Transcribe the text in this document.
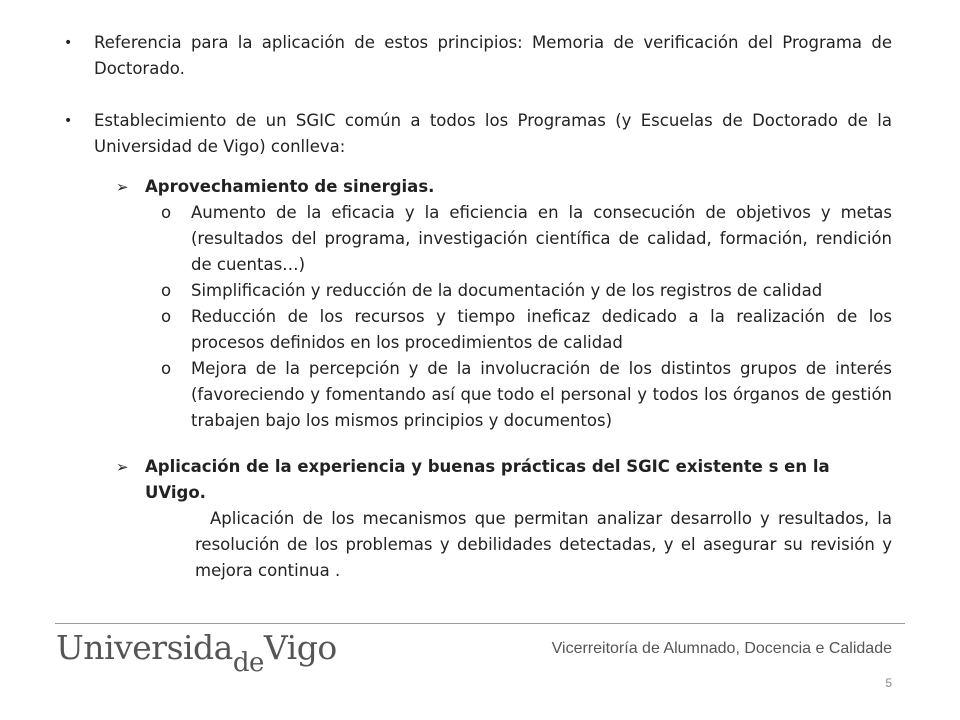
• Referencia para la aplicación de estos principios: Memoria de verificación del Programa de Doctorado.
• Establecimiento de un SGIC común a todos los Programas (y Escuelas de Doctorado de la Universidad de Vigo) conlleva:
➢ Aprovechamiento de sinergias.
o Aumento de la eficacia y la eficiencia en la consecución de objetivos y metas (resultados del programa, investigación científica de calidad, formación, rendición de cuentas…)
o Simplificación y reducción de la documentación y de los registros de calidad
o Reducción de los recursos y tiempo ineficaz dedicado a la realización de los procesos definidos en los procedimientos de calidad
o Mejora de la percepción y de la involucración de los distintos grupos de interés (favoreciendo y fomentando así que todo el personal y todos los órganos de gestión trabajen bajo los mismos principios y documentos)
➢ Aplicación de la experiencia y buenas prácticas del SGIC existente s en la UVigo.
Aplicación de los mecanismos que permitan analizar desarrollo y resultados, la resolución de los problemas y debilidades detectadas, y el asegurar su revisión y mejora continua .
Universida$_{de}$Vigo	Vicerreitoría de Alumnado, Docencia e Calidade
5
